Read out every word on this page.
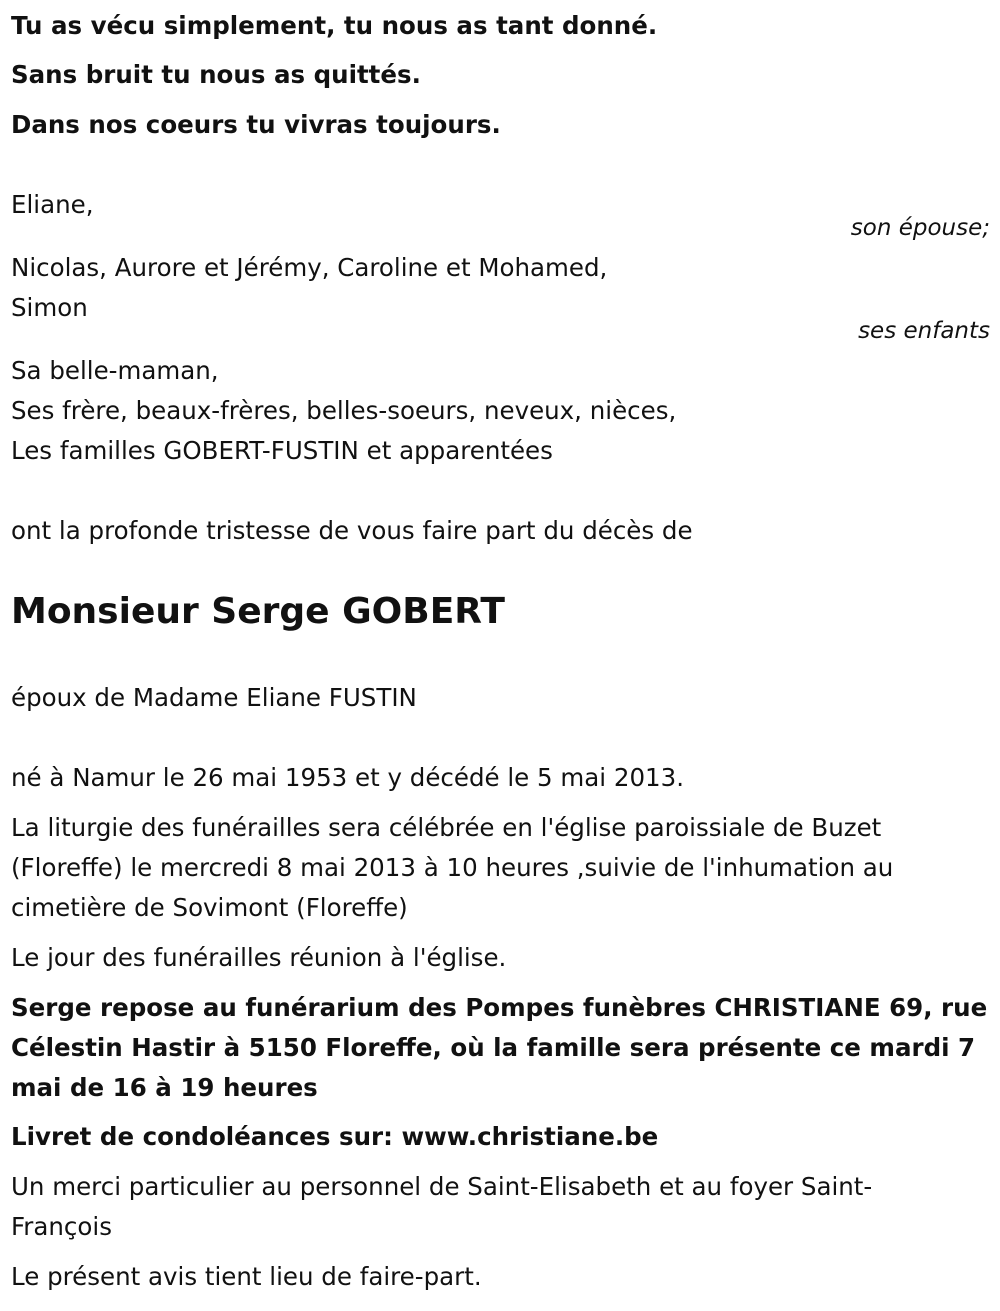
Tu as vécu simplement, tu nous as tant donné.
Sans bruit tu nous as quittés.
Dans nos coeurs tu vivras toujours.
Eliane,
son épouse;
Nicolas, Aurore et Jérémy, Caroline et Mohamed,
Simon
ses enfants
Sa belle-maman,
Ses frère, beaux-frères, belles-soeurs, neveux, nièces,
Les familles GOBERT-FUSTIN et apparentées
ont la profonde tristesse de vous faire part du décès de
Monsieur Serge GOBERT
époux de Madame Eliane FUSTIN
né à Namur le 26 mai 1953 et y décédé le 5 mai 2013.
La liturgie des funérailles sera célébrée en l'église paroissiale de Buzet
(Floreffe) le mercredi 8 mai 2013 à 10 heures ,suivie de l'inhumation au
cimetière de Sovimont (Floreffe)
Le jour des funérailles réunion à l'église.
Serge repose au funérarium des Pompes funèbres CHRISTIANE 69, rue
Célestin Hastir à 5150 Floreffe, où la famille sera présente ce mardi 7
mai de 16 à 19 heures
Livret de condoléances sur: www.christiane.be
Un merci particulier au personnel de Saint-Elisabeth et au foyer Saint-
François
Le présent avis tient lieu de faire-part.
